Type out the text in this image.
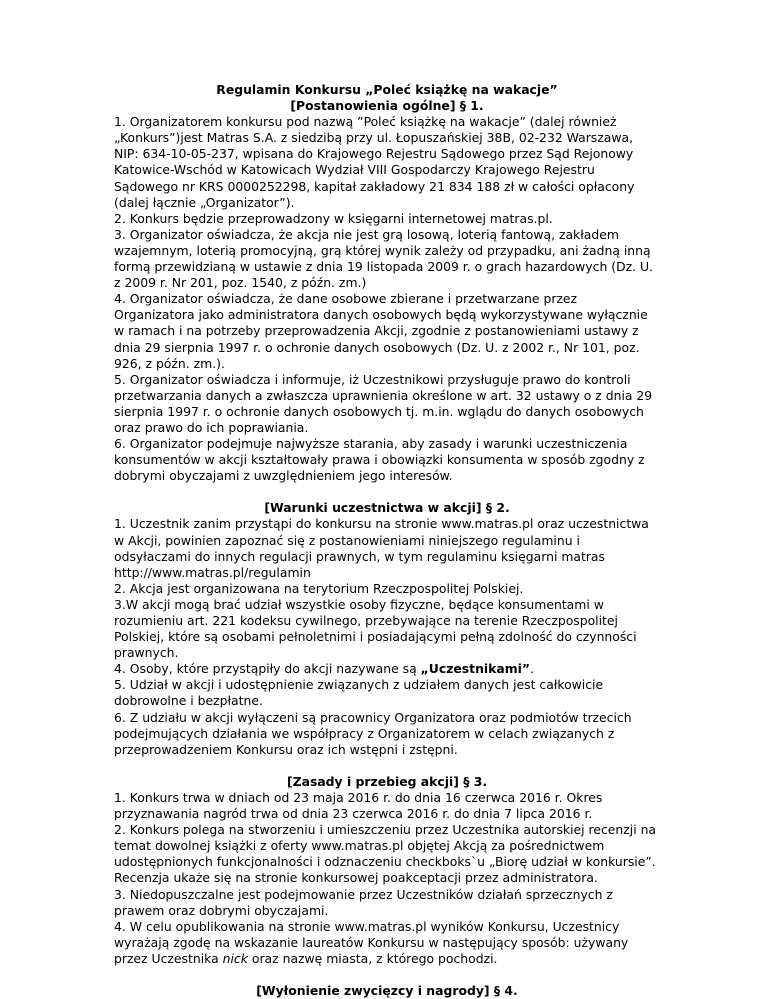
Regulamin Konkursu „Poleć książkę na wakacje”
[Postanowienia ogólne] § 1.

1. Organizatorem konkursu pod nazwą ”Poleć książkę na wakacje” (dalej również „Konkurs”)jest Matras S.A. z siedzibą przy ul. Łopuszańskiej 38B, 02-232 Warszawa, NIP: 634-10-05-237, wpisana do Krajowego Rejestru Sądowego przez Sąd Rejonowy Katowice-Wschód w Katowicach Wydział VIII Gospodarczy Krajowego Rejestru Sądowego nr KRS 0000252298, kapitał zakładowy 21 834 188 zł w całości opłacony (dalej łącznie „Organizator”).

2. Konkurs będzie przeprowadzony w księgarni internetowej matras.pl.

3. Organizator oświadcza, że akcja nie jest grą losową, loterią fantową, zakładem wzajemnym, loterią promocyjną, grą której wynik zależy od przypadku, ani żadną inną formą przewidzianą w ustawie z dnia 19 listopada 2009 r. o grach hazardowych (Dz. U. z 2009 r. Nr 201, poz. 1540, z późn. zm.)

4. Organizator oświadcza, że dane osobowe zbierane i przetwarzane przez Organizatora jako administratora danych osobowych będą wykorzystywane wyłącznie w ramach i na potrzeby przeprowadzenia Akcji, zgodnie z postanowieniami ustawy z dnia 29 sierpnia 1997 r. o ochronie danych osobowych (Dz. U. z 2002 r., Nr 101, poz. 926, z późn. zm.).

5. Organizator oświadcza i informuje, iż Uczestnikowi przysługuje prawo do kontroli przetwarzania danych a zwłaszcza uprawnienia określone w art. 32 ustawy o z dnia 29 sierpnia 1997 r. o ochronie danych osobowych tj. m.in. wglądu do danych osobowych oraz prawo do ich poprawiania.

6. Organizator podejmuje najwyższe starania, aby zasady i warunki uczestniczenia konsumentów w akcji kształtowały prawa i obowiązki konsumenta w sposób zgodny z dobrymi obyczajami z uwzględnieniem jego interesów.

[Warunki uczestnictwa w akcji] § 2.

1. Uczestnik zanim przystąpi do konkursu na stronie www.matras.pl oraz uczestnictwa w Akcji, powinien zapoznać się z postanowieniami niniejszego regulaminu i odsyłaczami do innych regulacji prawnych, w tym regulaminu księgarni matras http://www.matras.pl/regulamin

2. Akcja jest organizowana na terytorium Rzeczpospolitej Polskiej.

3.W akcji mogą brać udział wszystkie osoby fizyczne, będące konsumentami w rozumieniu art. 221 kodeksu cywilnego, przebywające na terenie Rzeczpospolitej Polskiej, które są osobami pełnoletnimi i posiadającymi pełną zdolność do czynności prawnych.

4. Osoby, które przystąpiły do akcji nazywane są „Uczestnikami”.

5. Udział w akcji i udostępnienie związanych z udziałem danych jest całkowicie dobrowolne i bezpłatne.

6. Z udziału w akcji wyłączeni są pracownicy Organizatora oraz podmiotów trzecich podejmujących działania we współpracy z Organizatorem w celach związanych z przeprowadzeniem Konkursu oraz ich wstępni i zstępni.

[Zasady i przebieg akcji] § 3.

1. Konkurs trwa w dniach od 23 maja 2016 r. do dnia 16 czerwca 2016 r. Okres przyznawania nagród trwa od dnia 23 czerwca 2016 r. do dnia 7 lipca 2016 r.

2. Konkurs polega na stworzeniu i umieszczeniu przez Uczestnika autorskiej recenzji na temat dowolnej książki z oferty www.matras.pl objętej Akcją za pośrednictwem udostępnionych funkcjonalności i odznaczeniu checkboks`u „Biorę udział w konkursie”. Recenzja ukaże się na stronie konkursowej poakceptacji przez administratora.

3. Niedopuszczalne jest podejmowanie przez Uczestników działań sprzecznych z prawem oraz dobrymi obyczajami.

4. W celu opublikowania na stronie www.matras.pl wyników Konkursu, Uczestnicy wyrażają zgodę na wskazanie laureatów Konkursu w następujący sposób: używany przez Uczestnika nick oraz nazwę miasta, z którego pochodzi.

[Wyłonienie zwycięzcy i nagrody] § 4.
